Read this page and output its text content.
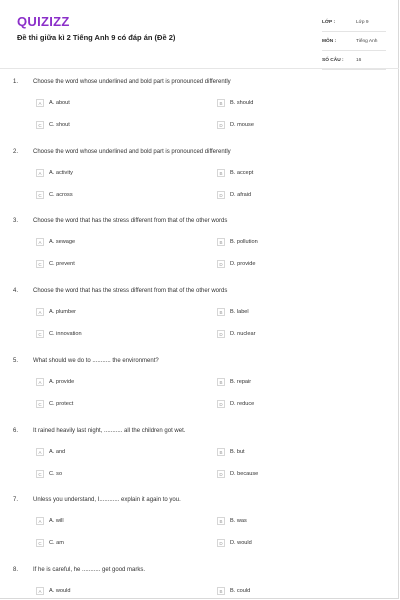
QUIZIZZ
Đề thi giữa kì 2 Tiếng Anh 9 có đáp án (Đề 2)
LỚP :	Lớp 9
MÔN :	Tiếng Anh
SỐ CÂU :	16
1. Choose the word whose underlined and bold part is pronounced differently
A	A. about	B	B. should
C	C. shout	D	D. mouse
2. Choose the word whose underlined and bold part is pronounced differently
A	A. activity	B	B. accept
C	C. across	D	D. afraid
3. Choose the word that has the stress different from that of the other words
A	A. sewage	B	B. pollution
C	C. prevent	D	D. provide
4. Choose the word that has the stress different from that of the other words
A	A. plumber	B	B. label
C	C. innovation	D	D. nuclear
5. What should we do to ........... the environment?
A	A. provide	B	B. repair
C	C. protect	D	D. reduce
6. It rained heavily last night, ........... all the children got wet.
A	A. and	B	B. but
C	C. so	D	D. because
7. Unless you understand, I............ explain it again to you.
A	A. will	B	B. was
C	C. am	D	D. would
8. If he is careful, he ........... get good marks.
A	A. would	B	B. could
